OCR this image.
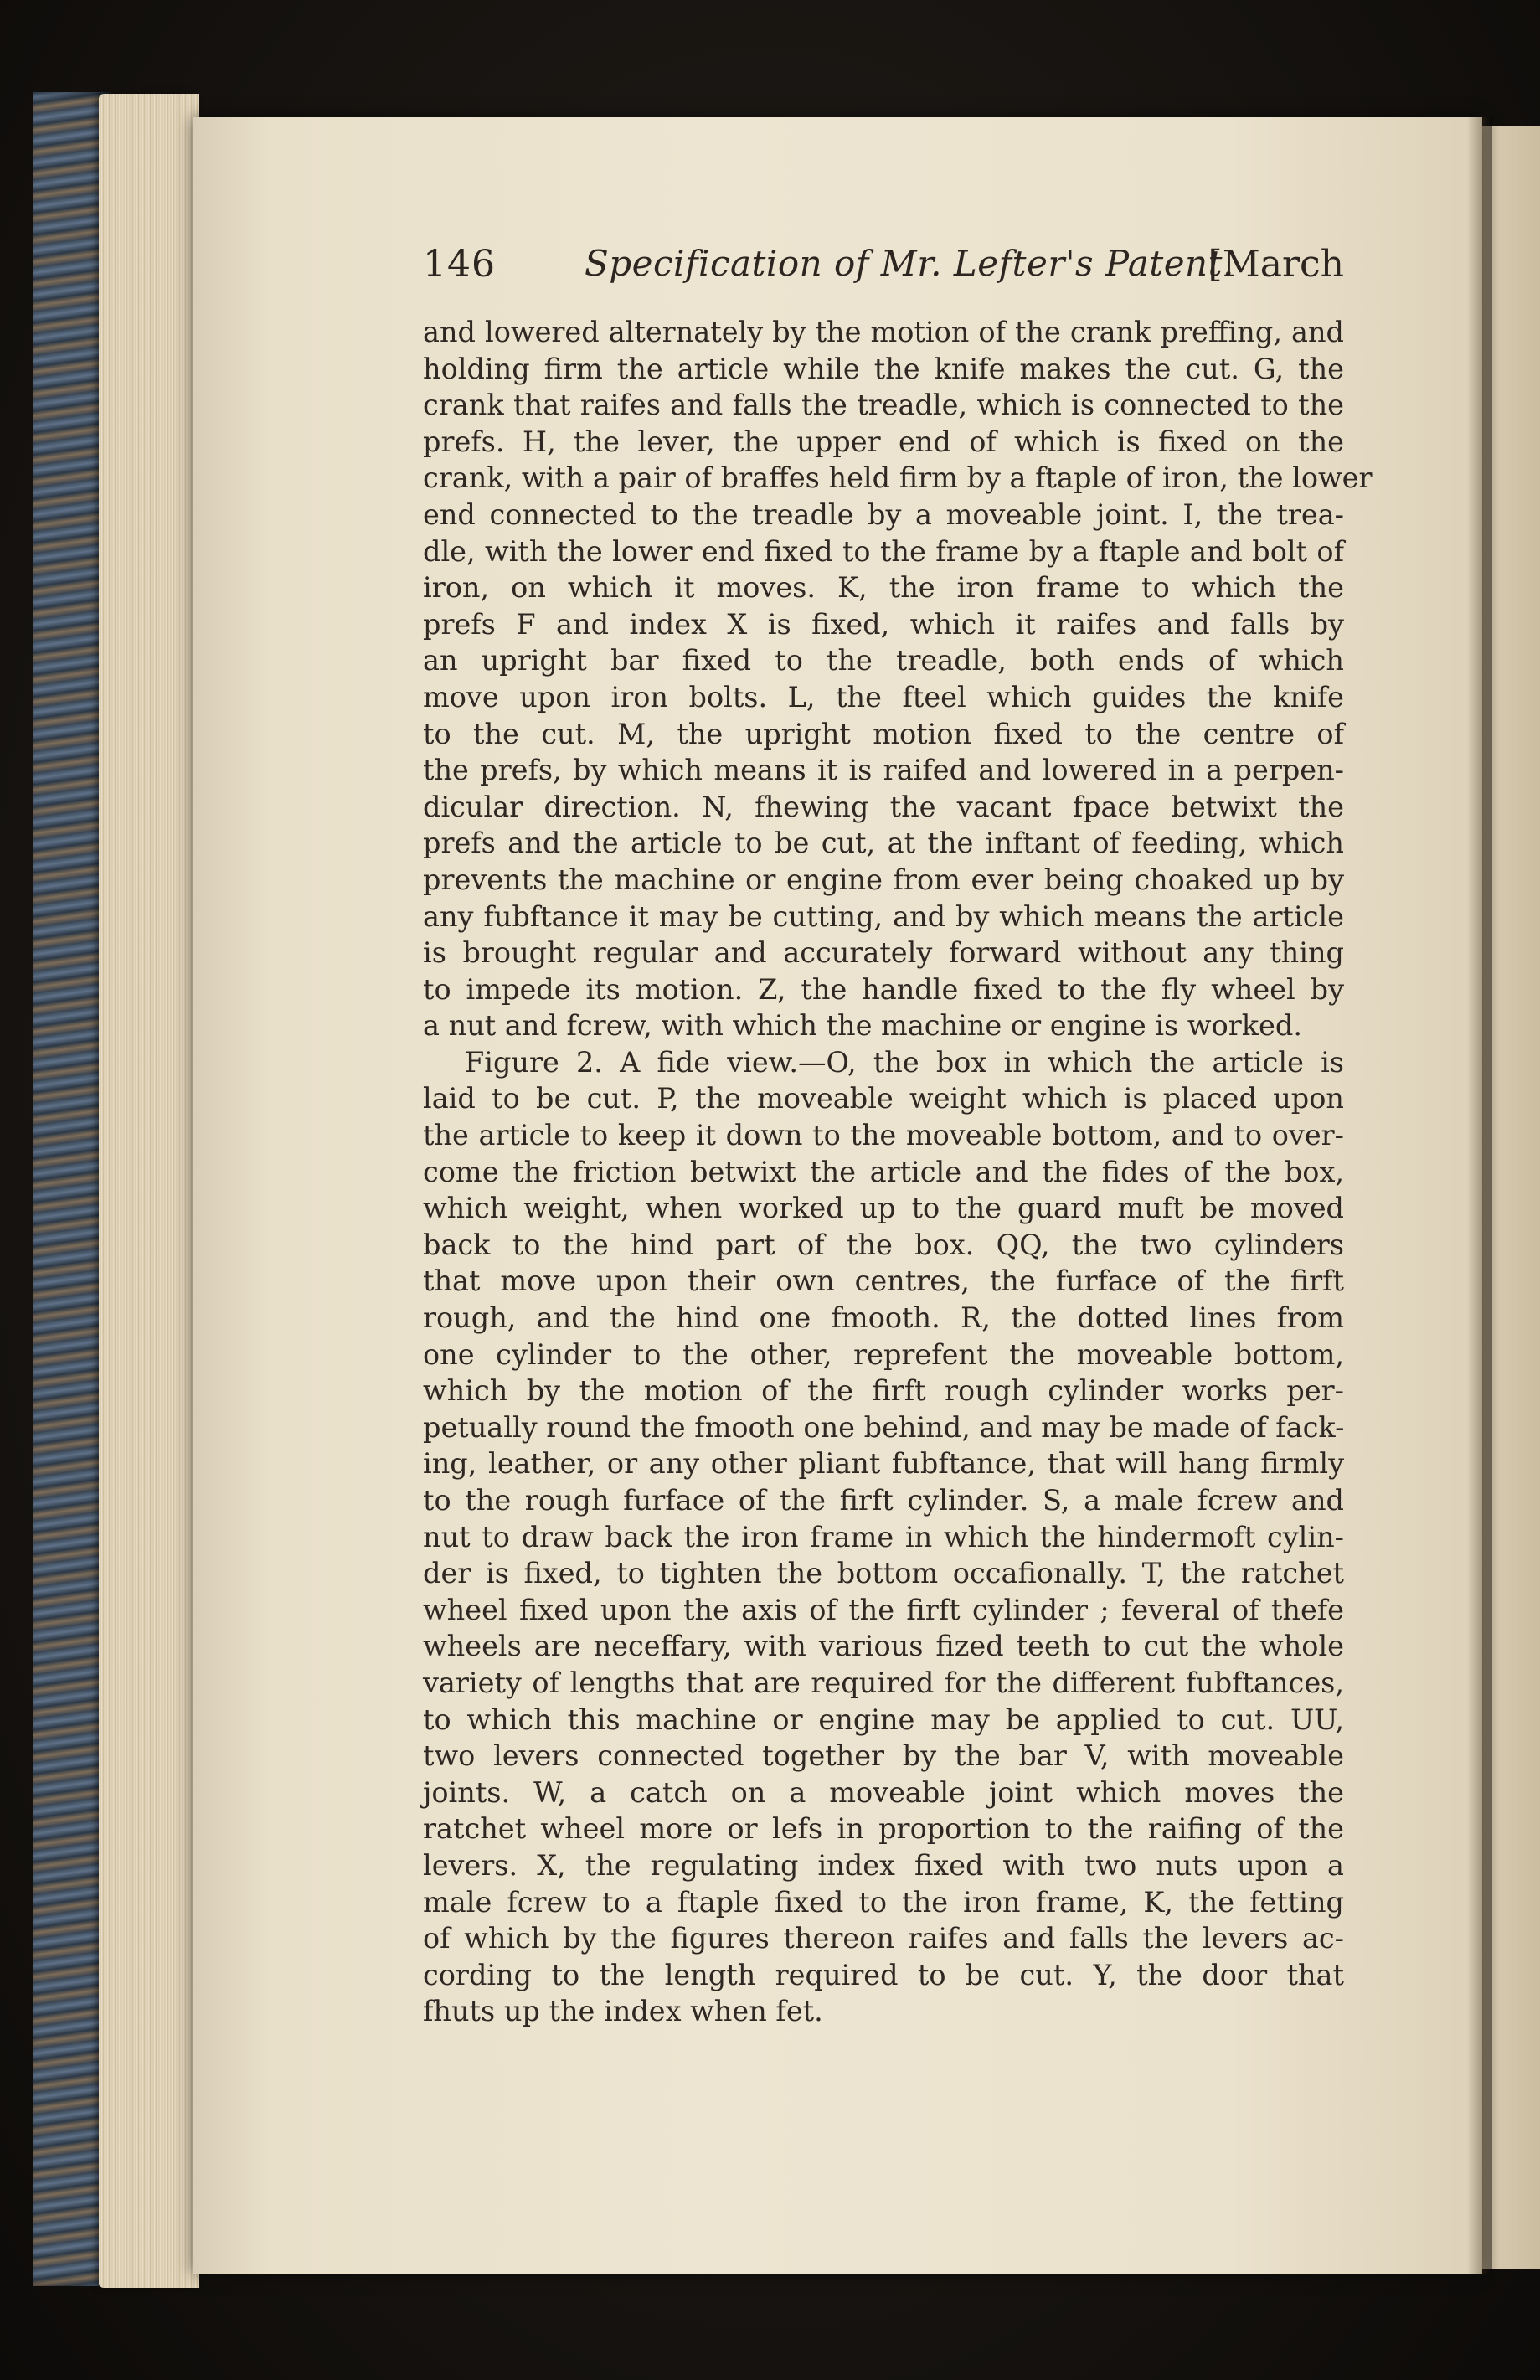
146	Specification of Mr. Lefter's Patent.
[March
and lowered alternately by the motion of the crank preffing, and
holding firm the article while the knife makes the cut. G, the
crank that raifes and falls the treadle, which is connected to the
prefs. H, the lever, the upper end of which is fixed on the
crank, with a pair of braffes held firm by a ftaple of iron, the lower
end connected to the treadle by a moveable joint. I, the trea-
dle, with the lower end fixed to the frame by a ftaple and bolt of
iron, on which it moves. K, the iron frame to which the
prefs F and index X is fixed, which it raifes and falls by
an upright bar fixed to the treadle, both ends of which
move upon iron bolts. L, the fteel which guides the knife
to the cut. M, the upright motion fixed to the centre of
the prefs, by which means it is raifed and lowered in a perpen-
dicular direction. N, fhewing the vacant fpace betwixt the
prefs and the article to be cut, at the inftant of feeding, which
prevents the machine or engine from ever being choaked up by
any fubftance it may be cutting, and by which means the article
is brought regular and accurately forward without any thing
to impede its motion. Z, the handle fixed to the fly wheel by
a nut and fcrew, with which the machine or engine is worked.
Figure 2. A fide view.—O, the box in which the article is
laid to be cut. P, the moveable weight which is placed upon
the article to keep it down to the moveable bottom, and to over-
come the friction betwixt the article and the fides of the box,
which weight, when worked up to the guard muft be moved
back to the hind part of the box. QQ, the two cylinders
that move upon their own centres, the furface of the firft
rough, and the hind one fmooth. R, the dotted lines from
one cylinder to the other, reprefent the moveable bottom,
which by the motion of the firft rough cylinder works per-
petually round the fmooth one behind, and may be made of fack-
ing, leather, or any other pliant fubftance, that will hang firmly
to the rough furface of the firft cylinder. S, a male fcrew and
nut to draw back the iron frame in which the hindermoft cylin-
der is fixed, to tighten the bottom occafionally. T, the ratchet
wheel fixed upon the axis of the firft cylinder ; feveral of thefe
wheels are neceffary, with various fized teeth to cut the whole
variety of lengths that are required for the different fubftances,
to which this machine or engine may be applied to cut. UU,
two levers connected together by the bar V, with moveable
joints. W, a catch on a moveable joint which moves the
ratchet wheel more or lefs in proportion to the raifing of the
levers. X, the regulating index fixed with two nuts upon a
male fcrew to a ftaple fixed to the iron frame, K, the fetting
of which by the figures thereon raifes and falls the levers ac-
cording to the length required to be cut. Y, the door that
fhuts up the index when fet.
